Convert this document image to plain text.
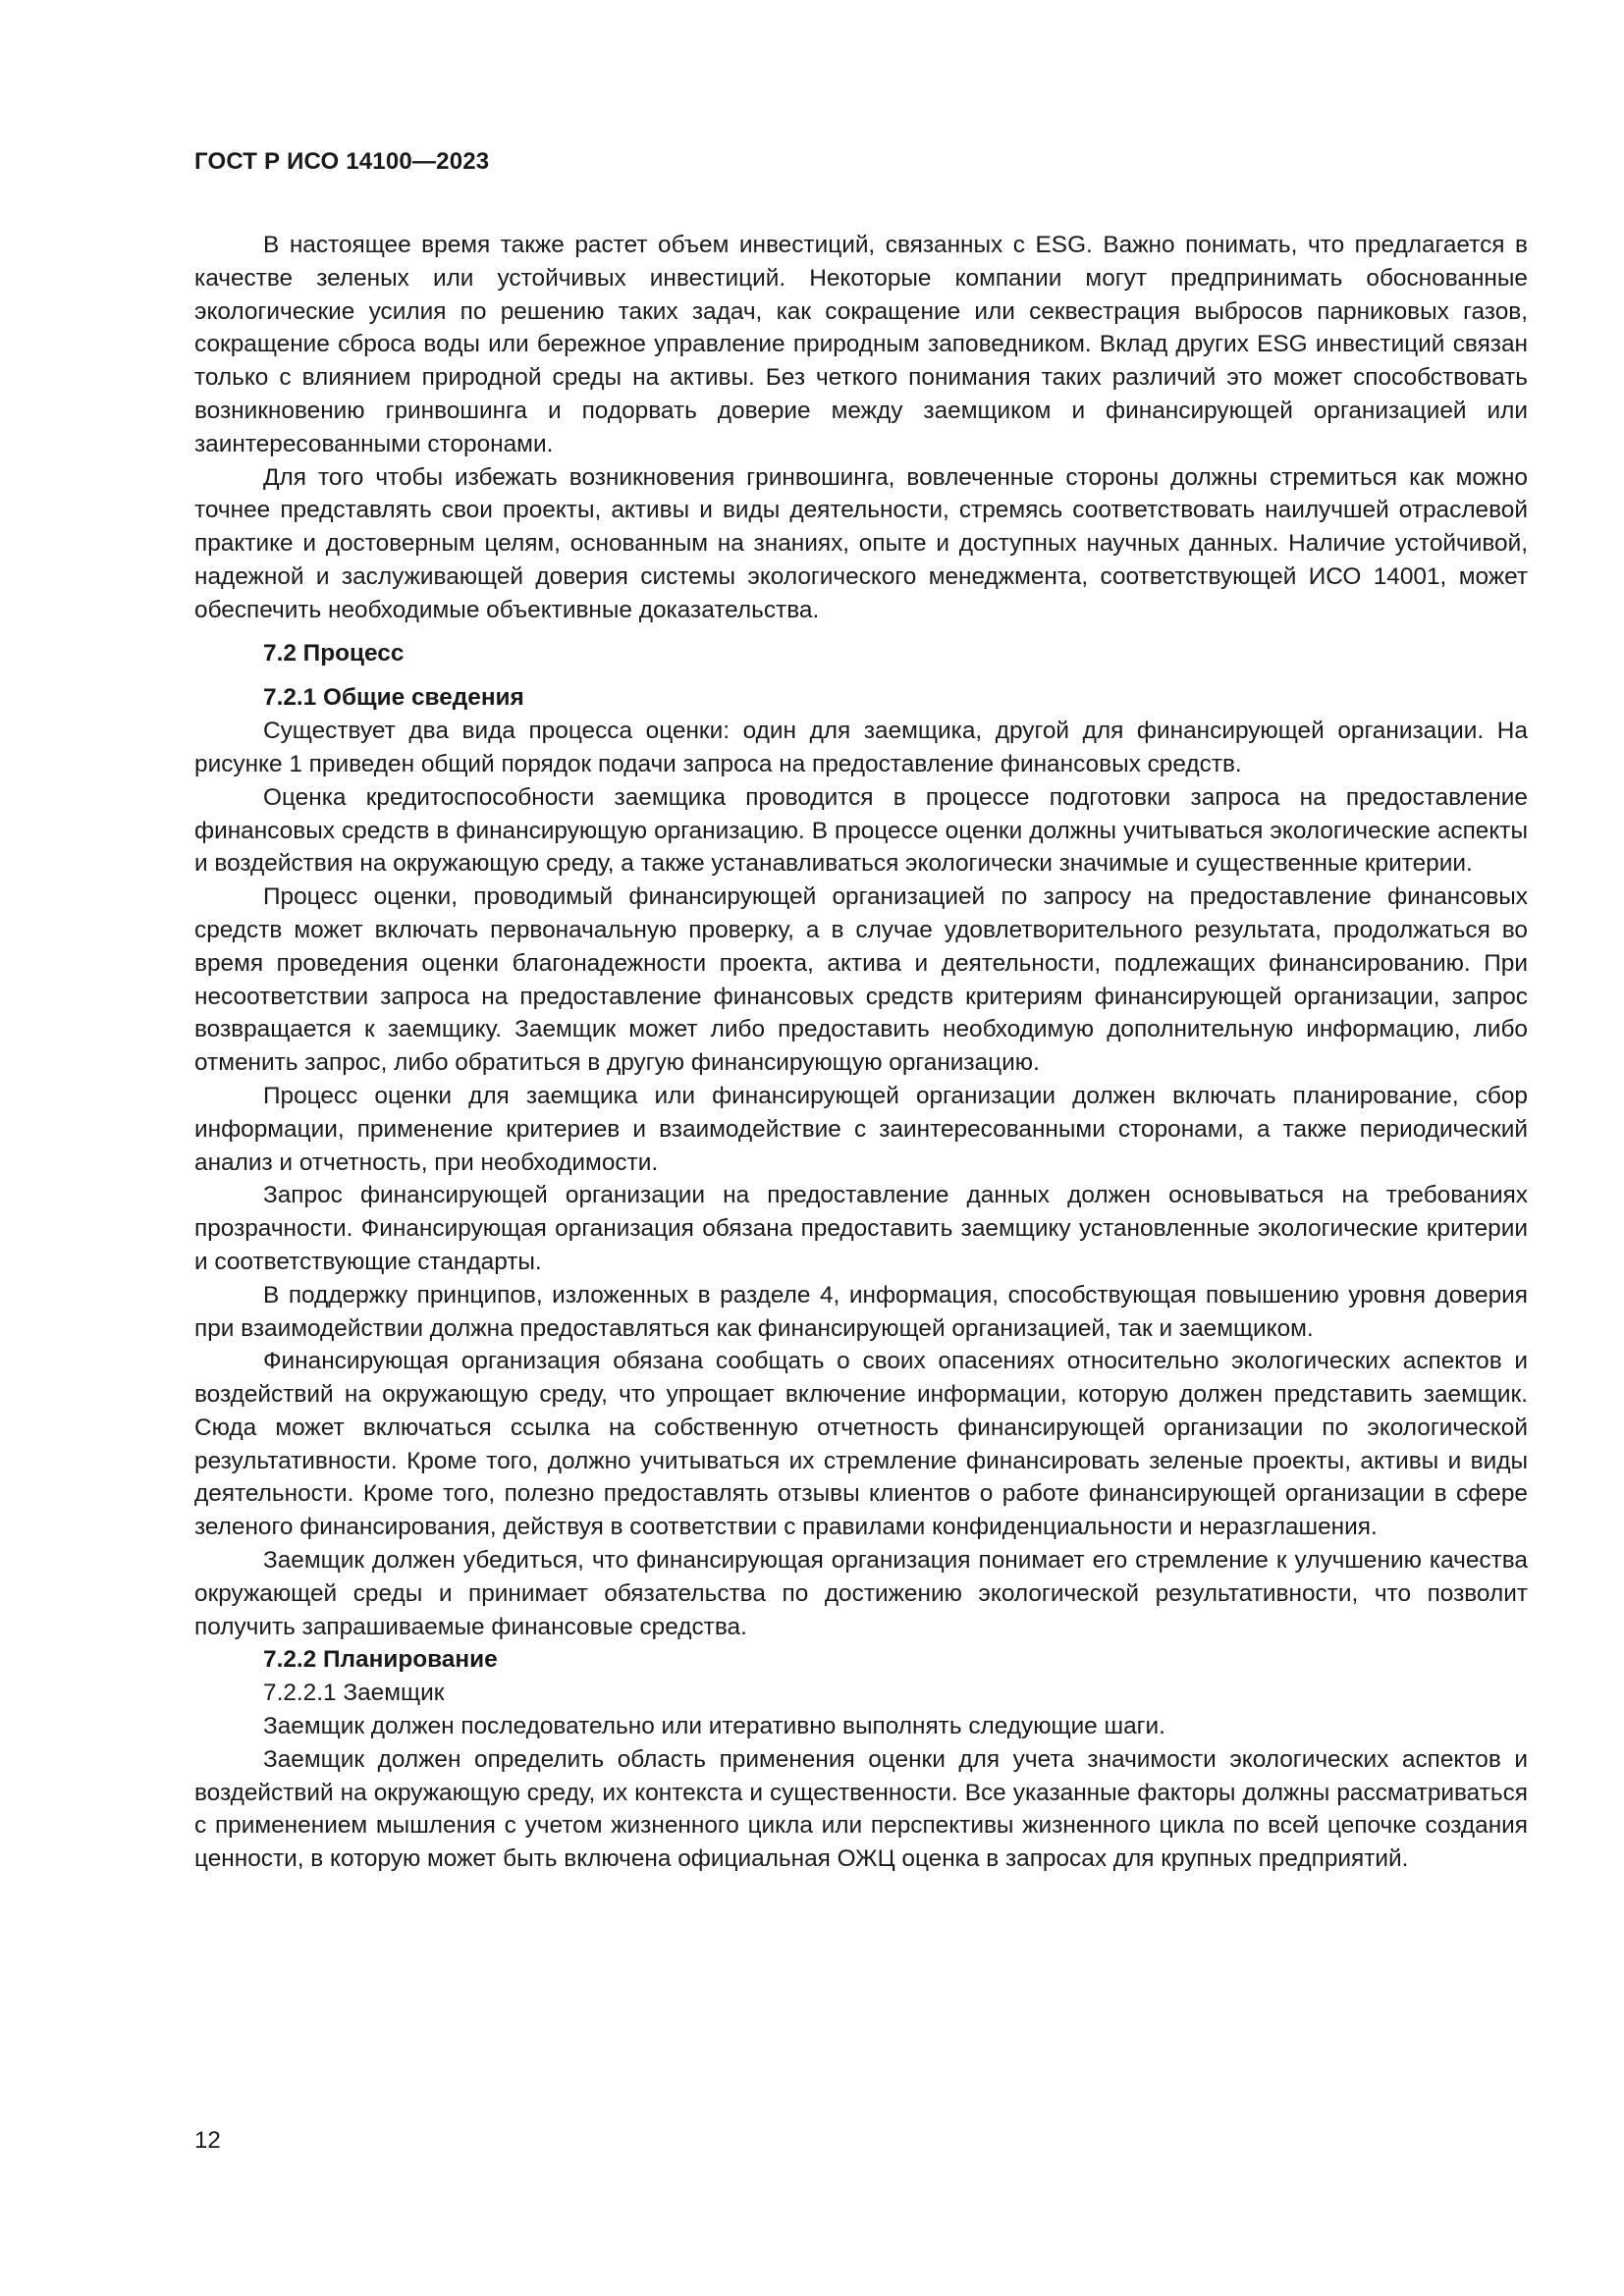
ГОСТ Р ИСО 14100—2023

В настоящее время также растет объем инвестиций, связанных с ESG. Важно понимать, что предлагается в качестве зеленых или устойчивых инвестиций. Некоторые компании могут предпринимать обоснованные экологические усилия по решению таких задач, как сокращение или секвестрация выбросов парниковых газов, сокращение сброса воды или бережное управление природным заповедником. Вклад других ESG инвестиций связан только с влиянием природной среды на активы. Без четкого понимания таких различий это может способствовать возникновению гринвошинга и подорвать доверие между заемщиком и финансирующей организацией или заинтересованными сторонами.

Для того чтобы избежать возникновения гринвошинга, вовлеченные стороны должны стремиться как можно точнее представлять свои проекты, активы и виды деятельности, стремясь соответствовать наилучшей отраслевой практике и достоверным целям, основанным на знаниях, опыте и доступных научных данных. Наличие устойчивой, надежной и заслуживающей доверия системы экологического менеджмента, соответствующей ИСО 14001, может обеспечить необходимые объективные доказательства.

7.2 Процесс
7.2.1 Общие сведения

Существует два вида процесса оценки: один для заемщика, другой для финансирующей организации. На рисунке 1 приведен общий порядок подачи запроса на предоставление финансовых средств.

Оценка кредитоспособности заемщика проводится в процессе подготовки запроса на предоставление финансовых средств в финансирующую организацию. В процессе оценки должны учитываться экологические аспекты и воздействия на окружающую среду, а также устанавливаться экологически значимые и существенные критерии.

Процесс оценки, проводимый финансирующей организацией по запросу на предоставление финансовых средств может включать первоначальную проверку, а в случае удовлетворительного результата, продолжаться во время проведения оценки благонадежности проекта, актива и деятельности, подлежащих финансированию. При несоответствии запроса на предоставление финансовых средств критериям финансирующей организации, запрос возвращается к заемщику. Заемщик может либо предоставить необходимую дополнительную информацию, либо отменить запрос, либо обратиться в другую финансирующую организацию.

Процесс оценки для заемщика или финансирующей организации должен включать планирование, сбор информации, применение критериев и взаимодействие с заинтересованными сторонами, а также периодический анализ и отчетность, при необходимости.

Запрос финансирующей организации на предоставление данных должен основываться на требованиях прозрачности. Финансирующая организация обязана предоставить заемщику установленные экологические критерии и соответствующие стандарты.

В поддержку принципов, изложенных в разделе 4, информация, способствующая повышению уровня доверия при взаимодействии должна предоставляться как финансирующей организацией, так и заемщиком.

Финансирующая организация обязана сообщать о своих опасениях относительно экологических аспектов и воздействий на окружающую среду, что упрощает включение информации, которую должен представить заемщик. Сюда может включаться ссылка на собственную отчетность финансирующей организации по экологической результативности. Кроме того, должно учитываться их стремление финансировать зеленые проекты, активы и виды деятельности. Кроме того, полезно предоставлять отзывы клиентов о работе финансирующей организации в сфере зеленого финансирования, действуя в соответствии с правилами конфиденциальности и неразглашения.

Заемщик должен убедиться, что финансирующая организация понимает его стремление к улучшению качества окружающей среды и принимает обязательства по достижению экологической результативности, что позволит получить запрашиваемые финансовые средства.

7.2.2 Планирование
7.2.2.1 Заемщик

Заемщик должен последовательно или итеративно выполнять следующие шаги.

Заемщик должен определить область применения оценки для учета значимости экологических аспектов и воздействий на окружающую среду, их контекста и существенности. Все указанные факторы должны рассматриваться с применением мышления с учетом жизненного цикла или перспективы жизненного цикла по всей цепочке создания ценности, в которую может быть включена официальная ОЖЦ оценка в запросах для крупных предприятий.

12
